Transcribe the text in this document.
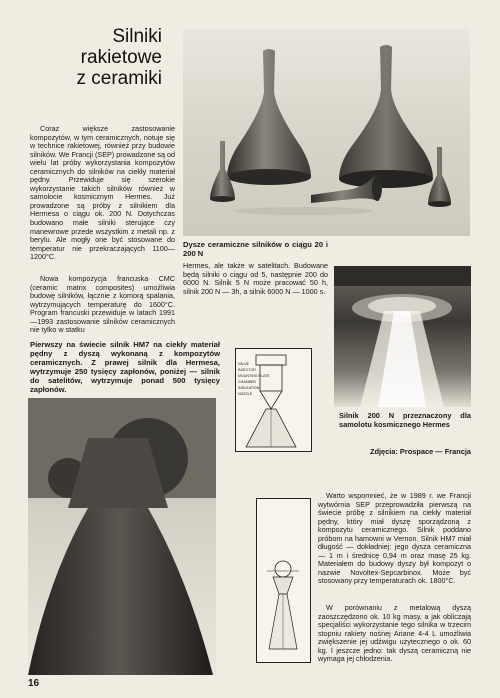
Silniki
rakietowe
z ceramiki
Coraz większe zastosowanie kompozytów, w tym ceramicznych, notuje się w technice rakietowej, również przy budowie silników. We Francji (SEP) prowadzone są od wielu lat próby wykorzystania kompozytów ceramicznych do silników na ciekły materiał pędny. Przewiduje się szerokie wykorzystanie takich silników również w samolocie kosmicznym Hermes. Już prowadzone są próby z silnikiem dla Hermesa o ciągu ok. 200 N. Dotychczas budowano małe silniki sterujące czy manewrowe przede wszystkim z metali np. z berylu. Ale mogły one być stosowane do temperatur nie przekraczających 1100—1200°C.
Nowa kompozycja francuska CMC (ceramic matrix composites) umożliwia budowę silników, łącznie z komorą spalania, wytrzymujących temperaturę do 1600°C. Program francuski przewiduje w latach 1991—1993 zastosowanie silników ceramicznych nie tylko w statku
Dysze ceramiczne silników o ciągu 20 i 200 N
Hermes, ale także w satelitach. Budowane będą silniki o ciągu od 5, następnie 200 do 6000 N. Silnik 5 N może pracować 50 h, silnik 200 N — 3h, a silnik 6000 N — 1000 s.
Pierwszy na świecie silnik HM7 na ciekły materiał pędny z dyszą wykonaną z kompozytów ceramicznych. Z prawej silnik dla Hermesa, wytrzymuje 250 tysięcy zapłonów, poniżej — silnik do satelitów, wytrzymuje ponad 500 tysięcy zapłonów.
Silnik 200 N przeznaczony dla samolotu kosmicznego Hermes
Zdjęcia: Prospace — Francja
VALVE
INJECTOR
MOUNTING PLATE
CHAMBER
INSULATION
NOZZLE
Warto wspomnieć, że w 1989 r. we Francji wytwórnia SEP przeprowadziła pierwszą na świecie próbę z silnikiem na ciekły materiał pędny, który miał dyszę sporządzoną z kompozytu ceramicznego. Silnik poddano próbom na hamowni w Vernon. Silnik HM7 miał długość — dokładniej: jego dysza ceramiczna — 1 m i średnicę 0,94 m oraz masę 25 kg. Materiałem do budowy dyszy był kompozyt o nazwie Novoltex-Sepcarbinox. Może być stosowany przy temperaturach ok. 1800°C.
W porównaniu z metalową dyszą zaoszczędzono ok. 10 kg masy, a jak obliczają specjaliści wykorzystanie tego silnika w trzecim stopniu rakiety nośnej Ariane 4-4 L umożliwia zwiększenie jej udźwigu użytecznego o ok. 60 kg. I jeszcze jedno: tak dyszą ceramiczną nie wymaga jej chłodzenia.
16
